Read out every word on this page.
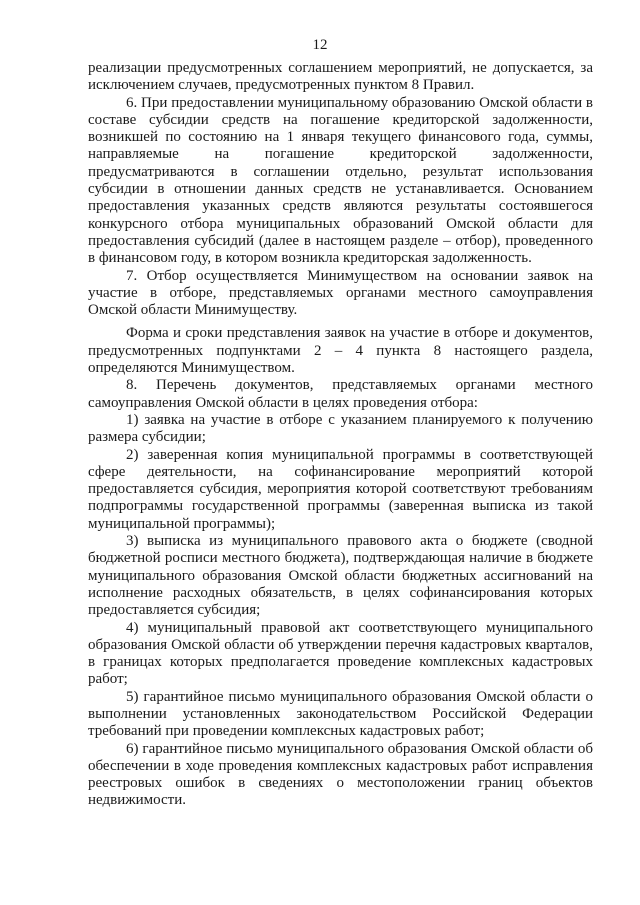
12

реализации предусмотренных соглашением мероприятий, не допускается, за исключением случаев, предусмотренных пунктом 8 Правил.

6. При предоставлении муниципальному образованию Омской области в составе субсидии средств на погашение кредиторской задолженности, возникшей по состоянию на 1 января текущего финансового года, суммы, направляемые на погашение кредиторской задолженности, предусматриваются в соглашении отдельно, результат использования субсидии в отношении данных средств не устанавливается. Основанием предоставления указанных средств являются результаты состоявшегося конкурсного отбора муниципальных образований Омской области для предоставления субсидий (далее в настоящем разделе – отбор), проведенного в финансовом году, в котором возникла кредиторская задолженность.

7. Отбор осуществляется Минимуществом на основании заявок на участие в отборе, представляемых органами местного самоуправления Омской области Минимуществу.

Форма и сроки представления заявок на участие в отборе и документов, предусмотренных подпунктами 2 – 4 пункта 8 настоящего раздела, определяются Минимуществом.

8. Перечень документов, представляемых органами местного самоуправления Омской области в целях проведения отбора:

1) заявка на участие в отборе с указанием планируемого к получению размера субсидии;

2) заверенная копия муниципальной программы в соответствующей сфере деятельности, на софинансирование мероприятий которой предоставляется субсидия, мероприятия которой соответствуют требованиям подпрограммы государственной программы (заверенная выписка из такой муниципальной программы);

3) выписка из муниципального правового акта о бюджете (сводной бюджетной росписи местного бюджета), подтверждающая наличие в бюджете муниципального образования Омской области бюджетных ассигнований на исполнение расходных обязательств, в целях софинансирования которых предоставляется субсидия;

4) муниципальный правовой акт соответствующего муниципального образования Омской области об утверждении перечня кадастровых кварталов, в границах которых предполагается проведение комплексных кадастровых работ;

5) гарантийное письмо муниципального образования Омской области о выполнении установленных законодательством Российской Федерации требований при проведении комплексных кадастровых работ;

6) гарантийное письмо муниципального образования Омской области об обеспечении в ходе проведения комплексных кадастровых работ исправления реестровых ошибок в сведениях о местоположении границ объектов недвижимости.
